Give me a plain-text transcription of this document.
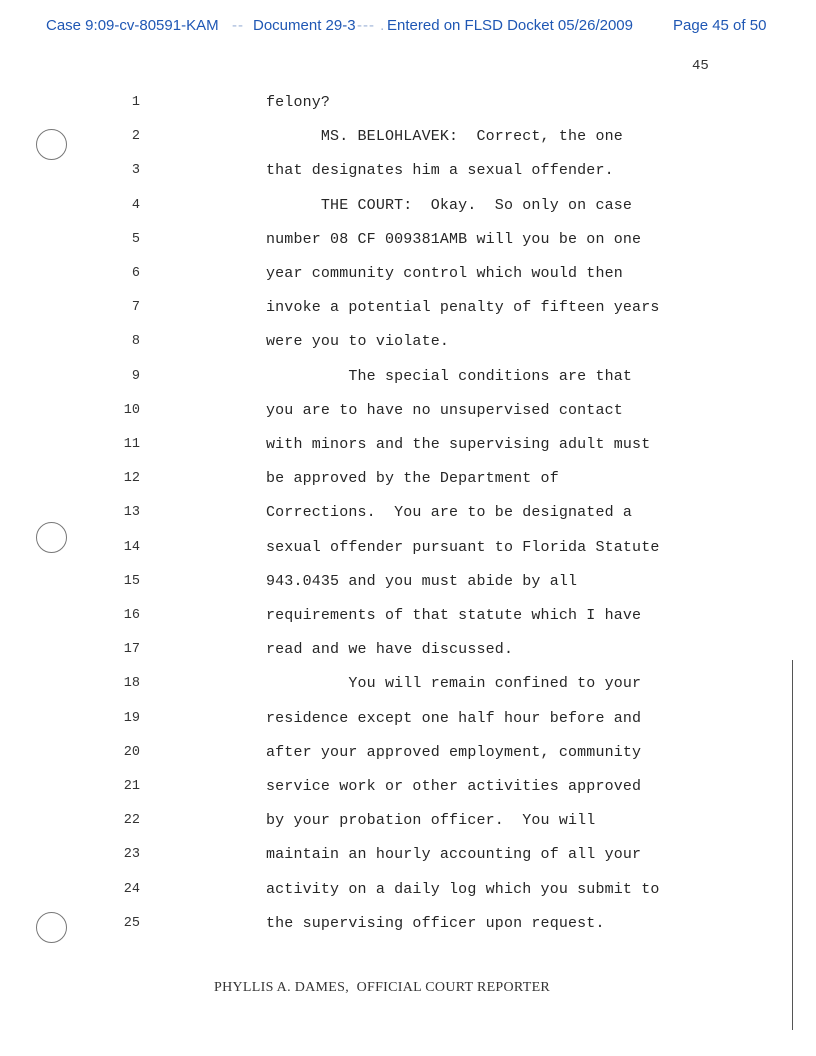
Case 9:09-cv-80591-KAM -- Document 29-3 --- . Entered on FLSD Docket 05/26/2009	Page 45 of 50
45
1	felony?
2	MS. BELOHLAVEK:  Correct, the one
3	that designates him a sexual offender.
4	THE COURT:  Okay.  So only on case
5	number 08 CF 009381AMB will you be on one
6	year community control which would then
7	invoke a potential penalty of fifteen years
8	were you to violate.
9	The special conditions are that
10	you are to have no unsupervised contact
11	with minors and the supervising adult must
12	be approved by the Department of
13	Corrections.  You are to be designated a
14	sexual offender pursuant to Florida Statute
15	943.0435 and you must abide by all
16	requirements of that statute which I have
17	read and we have discussed.
18	You will remain confined to your
19	residence except one half hour before and
20	after your approved employment, community
21	service work or other activities approved
22	by your probation officer.  You will
23	maintain an hourly accounting of all your
24	activity on a daily log which you submit to
25	the supervising officer upon request.
PHYLLIS A. DAMES,  OFFICIAL COURT REPORTER
